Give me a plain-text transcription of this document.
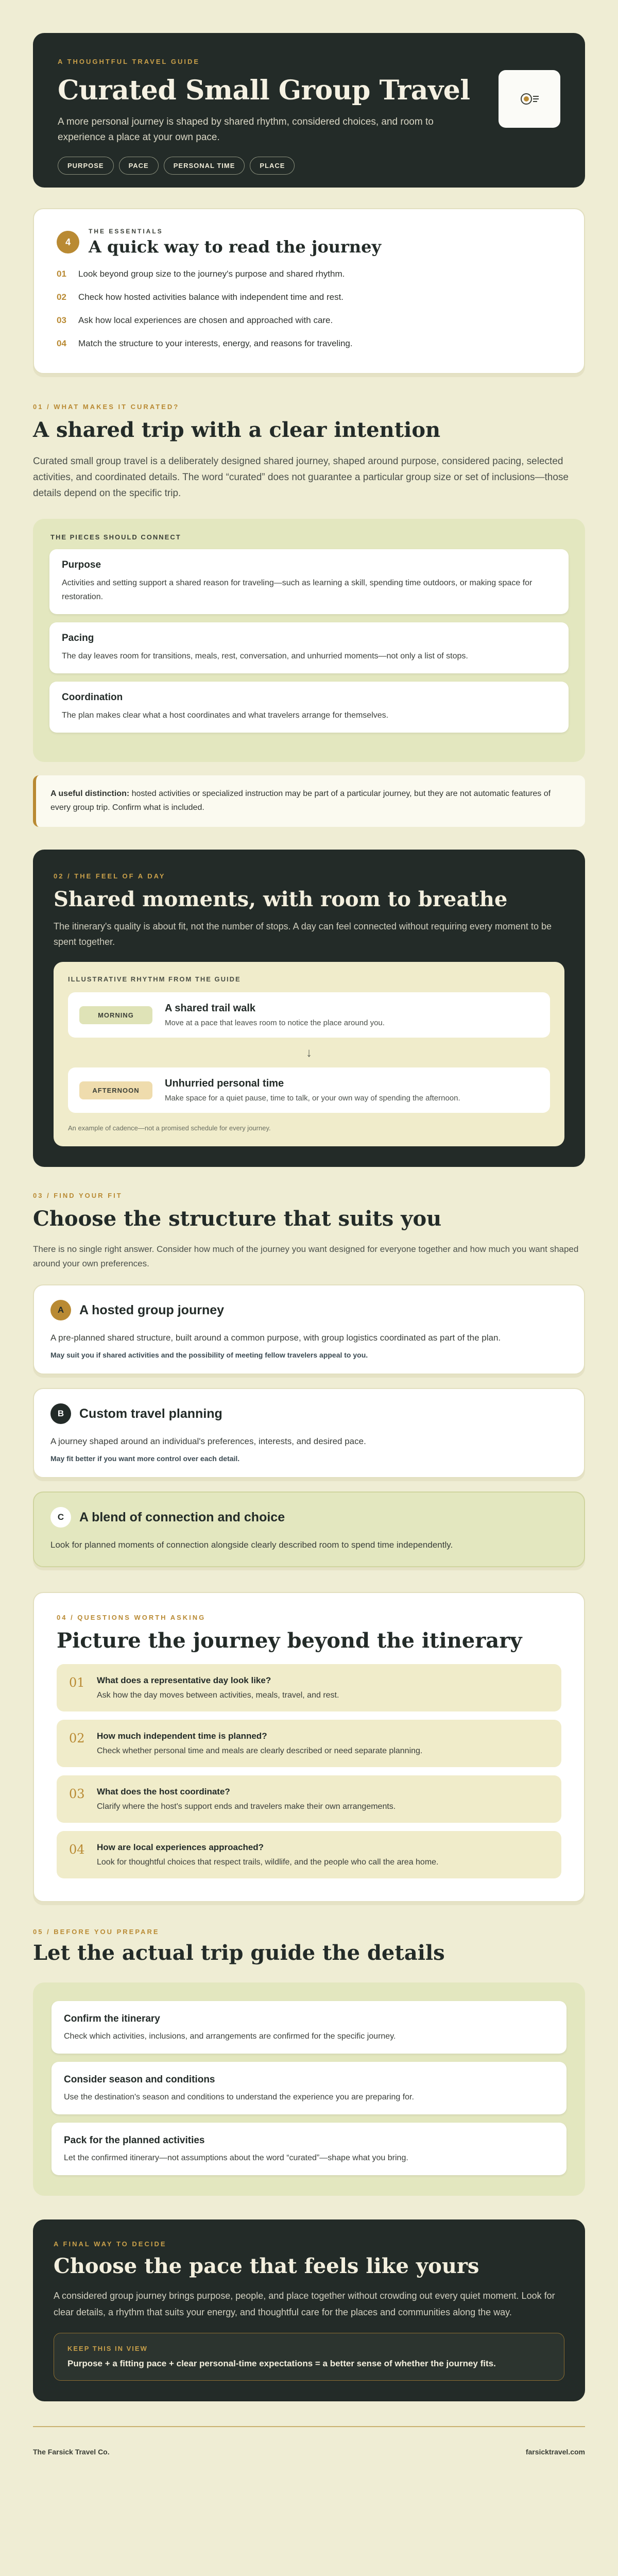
A THOUGHTFUL TRAVEL GUIDE
Curated Small Group Travel

A more personal journey is shaped by shared rhythm, considered choices, and room to experience a place at your own pace.

PURPOSE	PACE	PERSONAL TIME	PLACE
4
THE ESSENTIALS
A quick way to read the journey
01 Look beyond group size to the journey's purpose and shared rhythm.
02 Check how hosted activities balance with independent time and rest.
03 Ask how local experiences are chosen and approached with care.
04 Match the structure to your interests, energy, and reasons for traveling.
01 / WHAT MAKES IT CURATED?
A shared trip with a clear intention

Curated small group travel is a deliberately designed shared journey, shaped around purpose, considered pacing, selected activities, and coordinated details. The word “curated” does not guarantee a particular group size or set of inclusions—those details depend on the specific trip.

THE PIECES SHOULD CONNECT
Purpose

Activities and setting support a shared reason for traveling—such as learning a skill, spending time outdoors, or making space for restoration.

Pacing

The day leaves room for transitions, meals, rest, conversation, and unhurried moments—not only a list of stops.

Coordination

The plan makes clear what a host coordinates and what travelers arrange for themselves.

A useful distinction: hosted activities or specialized instruction may be part of a particular journey, but they are not automatic features of every group trip. Confirm what is included.
02 / THE FEEL OF A DAY
Shared moments, with room to breathe

The itinerary's quality is about fit, not the number of stops. A day can feel connected without requiring every moment to be spent together.

ILLUSTRATIVE RHYTHM FROM THE GUIDE
MORNING
A shared trail walk

Move at a pace that leaves room to notice the place around you.

↓
AFTERNOON
Unhurried personal time

Make space for a quiet pause, time to talk, or your own way of spending the afternoon.

An example of cadence—not a promised schedule for every journey.
03 / FIND YOUR FIT
Choose the structure that suits you

There is no single right answer. Consider how much of the journey you want designed for everyone together and how much you want shaped around your own preferences.

A	A hosted group journey

A pre-planned shared structure, built around a common purpose, with group logistics coordinated as part of the plan.

May suit you if shared activities and the possibility of meeting fellow travelers appeal to you.

B	Custom travel planning

A journey shaped around an individual's preferences, interests, and desired pace.

May fit better if you want more control over each detail.

C	A blend of connection and choice

Look for planned moments of connection alongside clearly described room to spend time independently.

04 / QUESTIONS WORTH ASKING
Picture the journey beyond the itinerary
01 What does a representative day look like?

Ask how the day moves between activities, meals, travel, and rest.

02 How much independent time is planned?

Check whether personal time and meals are clearly described or need separate planning.

03 What does the host coordinate?

Clarify where the host's support ends and travelers make their own arrangements.

04 How are local experiences approached?

Look for thoughtful choices that respect trails, wildlife, and the people who call the area home.

05 / BEFORE YOU PREPARE
Let the actual trip guide the details
Confirm the itinerary

Check which activities, inclusions, and arrangements are confirmed for the specific journey.

Consider season and conditions

Use the destination's season and conditions to understand the experience you are preparing for.

Pack for the planned activities

Let the confirmed itinerary—not assumptions about the word “curated”—shape what you bring.

A FINAL WAY TO DECIDE
Choose the pace that feels like yours

A considered group journey brings purpose, people, and place together without crowding out every quiet moment. Look for clear details, a rhythm that suits your energy, and thoughtful care for the places and communities along the way.

KEEP THIS IN VIEW
Purpose + a fitting pace + clear personal-time expectations = a better sense of whether the journey fits.
The Farsick Travel Co.	farsicktravel.com
